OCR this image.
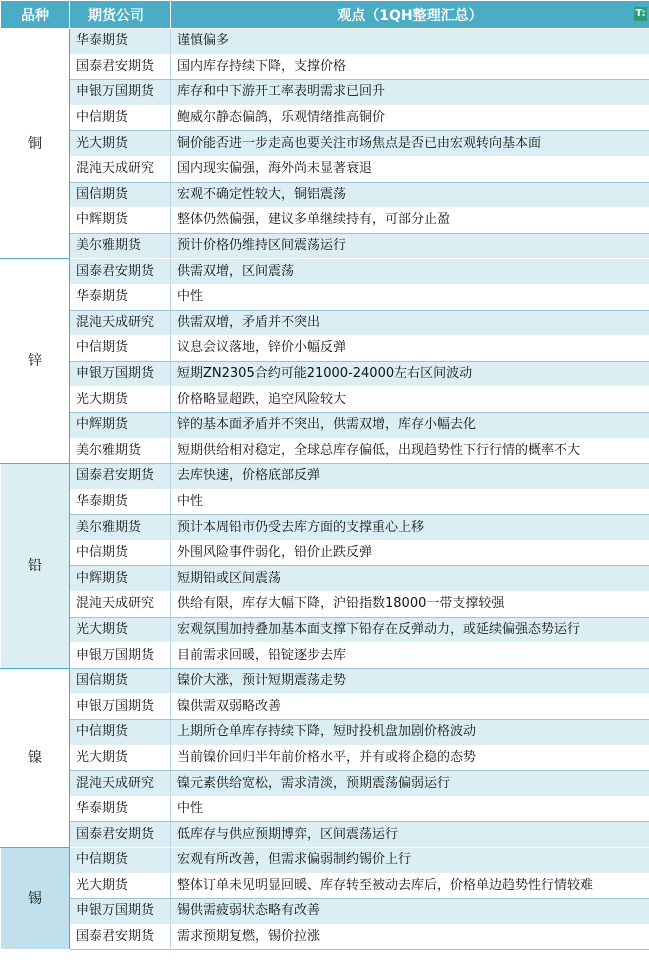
品种	期货公司	观点（1QH整理汇总） T:

铜	华泰期货	谨慎偏多
	国泰君安期货	国内库存持续下降，支撑价格
	申银万国期货	库存和中下游开工率表明需求已回升
	中信期货	鲍威尔静态偏鸽，乐观情绪推高铜价
	光大期货	铜价能否进一步走高也要关注市场焦点是否已由宏观转向基本面
	混沌天成研究	国内现实偏强，海外尚未显著衰退
	国信期货	宏观不确定性较大，铜铝震荡
	中辉期货	整体仍然偏强，建议多单继续持有，可部分止盈
	美尔雅期货	预计价格仍维持区间震荡运行
锌	国泰君安期货	供需双增，区间震荡
	华泰期货	中性
	混沌天成研究	供需双增，矛盾并不突出
	中信期货	议息会议落地，锌价小幅反弹
	申银万国期货	短期ZN2305合约可能21000-24000左右区间波动
	光大期货	价格略显超跌，追空风险较大
	中辉期货	锌的基本面矛盾并不突出，供需双增，库存小幅去化
	美尔雅期货	短期供给相对稳定，全球总库存偏低，出现趋势性下行行情的概率不大
铅	国泰君安期货	去库快速，价格底部反弹
	华泰期货	中性
	美尔雅期货	预计本周铅市仍受去库方面的支撑重心上移
	中信期货	外围风险事件弱化，铅价止跌反弹
	中辉期货	短期铅或区间震荡
	混沌天成研究	供给有限，库存大幅下降，沪铅指数18000一带支撑较强
	光大期货	宏观氛围加持叠加基本面支撑下铅存在反弹动力，或延续偏强态势运行
	申银万国期货	目前需求回暖，铅锭逐步去库
镍	国信期货	镍价大涨，预计短期震荡走势
	申银万国期货	镍供需双弱略改善
	中信期货	上期所仓单库存持续下降，短时投机盘加剧价格波动
	光大期货	当前镍价回归半年前价格水平，并有或将企稳的态势
	混沌天成研究	镍元素供给宽松，需求清淡，预期震荡偏弱运行
	华泰期货	中性
	国泰君安期货	低库存与供应预期博弈，区间震荡运行
锡	中信期货	宏观有所改善，但需求偏弱制约锡价上行
	光大期货	整体订单未见明显回暖、库存转至被动去库后，价格单边趋势性行情较难
	申银万国期货	锡供需疲弱状态略有改善
	国泰君安期货	需求预期复燃，锡价拉涨
